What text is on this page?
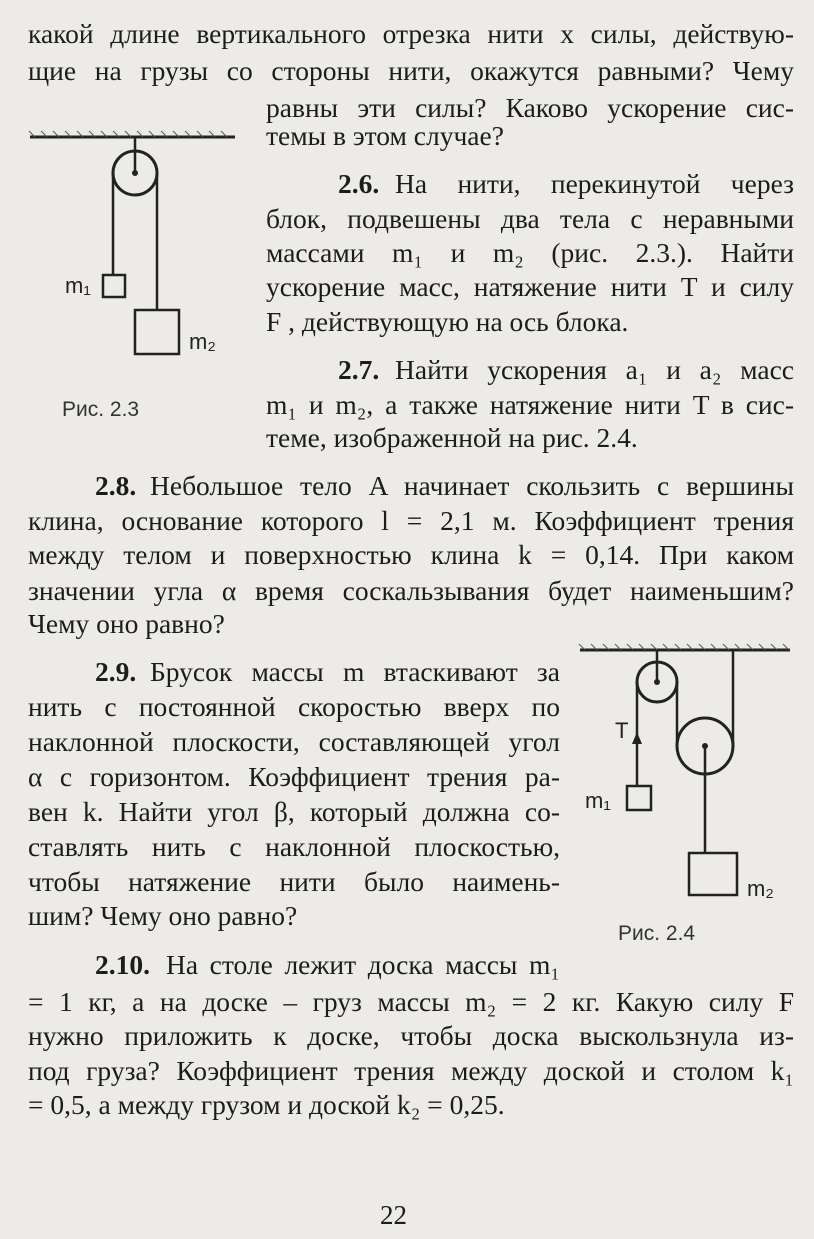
какой длине вертикального отрезка нити x силы, действую-
щие на грузы со стороны нити, окажутся равными? Чему
равны эти силы? Каково ускорение сис-
темы в этом случае?
2.6. На нити, перекинутой через
блок, подвешены два тела с неравными
массами m₁ и m₂ (рис. 2.3.). Найти
ускорение масс, натяжение нити T и силу
F , действующую на ось блока.
2.7. Найти ускорения a₁ и a₂ масс
m₁ и m₂, а также натяжение нити T в сис-
теме, изображенной на рис. 2.4.
2.8. Небольшое тело A начинает скользить с вершины
клина, основание которого l = 2,1 м. Коэффициент трения
между телом и поверхностью клина k = 0,14. При каком
значении угла α время соскальзывания будет наименьшим?
Чему оно равно?
2.9. Брусок массы m втаскивают за
нить с постоянной скоростью вверх по
наклонной плоскости, составляющей угол
α с горизонтом. Коэффициент трения ра-
вен k. Найти угол β, который должна со-
ставлять нить с наклонной плоскостью,
чтобы натяжение нити было наимень-
шим? Чему оно равно?
2.10. На столе лежит доска массы m₁
= 1 кг, а на доске – груз массы m₂ = 2 кг. Какую силу F
нужно приложить к доске, чтобы доска выскользнула из-
под груза? Коэффициент трения между доской и столом k₁
= 0,5, а между грузом и доской k₂ = 0,25.
m₁
m₂
Рис. 2.3
T
m₁
m₂
Рис. 2.4
22
